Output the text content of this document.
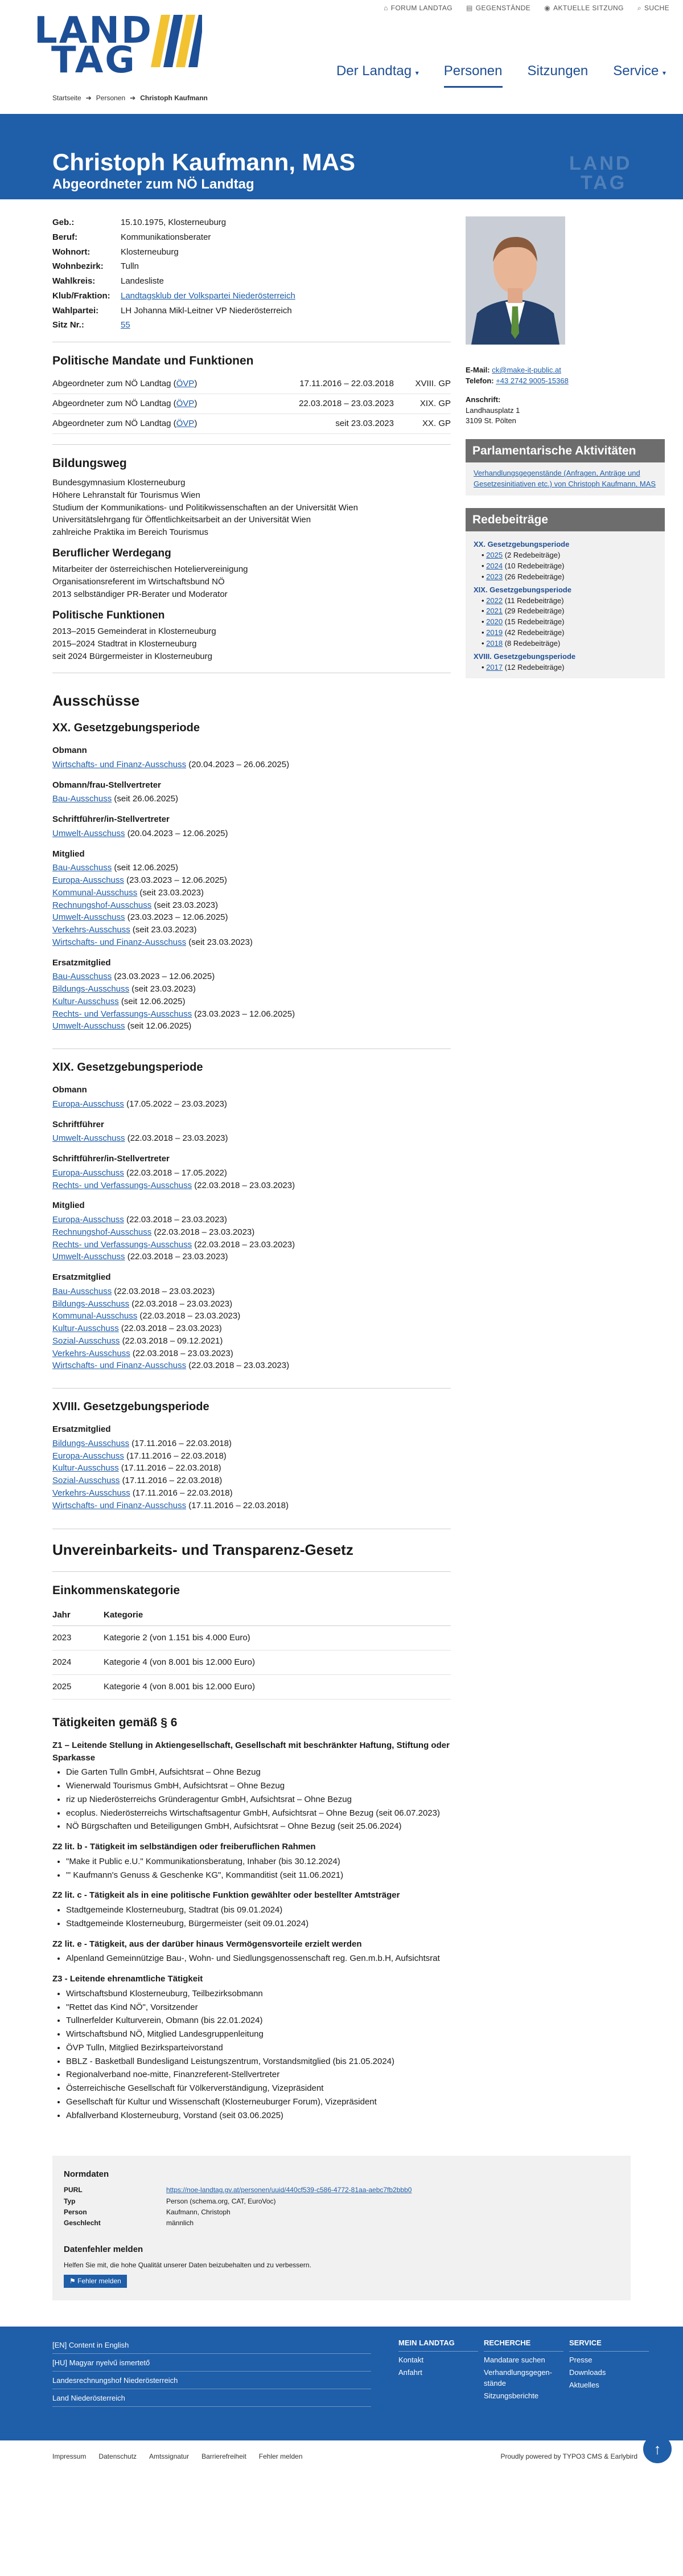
⌂ FORUM LANDTAG ▤ GEGENSTÄNDE ◉ AKTUELLE SITZUNG ⌕ SUCHE
LAND
TAG
Startseite ➔ Personen ➔ Christoph Kaufmann
Der Landtag ▾ Personen Sitzungen Service ▾
Christoph Kaufmann, MAS
Abgeordneter zum NÖ Landtag
LAND
TAG
Geb.:	15.10.1975, Klosterneuburg
Beruf:	Kommunikationsberater
Wohnort:	Klosterneuburg
Wohnbezirk:	Tulln
Wahlkreis:	Landesliste
Klub/Fraktion:	Landtagsklub der Volkspartei Niederösterreich
Wahlpartei:	LH Johanna Mikl-Leitner VP Niederösterreich
Sitz Nr.:	55
Politische Mandate und Funktionen
Abgeordneter zum NÖ Landtag (ÖVP)	17.11.2016 – 22.03.2018	XVIII. GP
Abgeordneter zum NÖ Landtag (ÖVP)	22.03.2018 – 23.03.2023	XIX. GP
Abgeordneter zum NÖ Landtag (ÖVP)	seit 23.03.2023	XX. GP
Bildungsweg
Bundesgymnasium Klosterneuburg
Höhere Lehranstalt für Tourismus Wien
Studium der Kommunikations- und Politikwissenschaften an der Universität Wien
Universitätslehrgang für Öffentlichkeitsarbeit an der Universität Wien
zahlreiche Praktika im Bereich Tourismus
Beruflicher Werdegang
Mitarbeiter der österreichischen Hoteliervereinigung
Organisationsreferent im Wirtschaftsbund NÖ
2013 selbständiger PR-Berater und Moderator
Politische Funktionen
2013–2015 Gemeinderat in Klosterneuburg
2015–2024 Stadtrat in Klosterneuburg
seit 2024 Bürgermeister in Klosterneuburg
Ausschüsse
XX. Gesetzgebungsperiode
Obmann
Wirtschafts- und Finanz-Ausschuss (20.04.2023 – 26.06.2025)
Obmann/frau-Stellvertreter
Bau-Ausschuss (seit 26.06.2025)
Schriftführer/in-Stellvertreter
Umwelt-Ausschuss (20.04.2023 – 12.06.2025)
Mitglied
Bau-Ausschuss (seit 12.06.2025)
Europa-Ausschuss (23.03.2023 – 12.06.2025)
Kommunal-Ausschuss (seit 23.03.2023)
Rechnungshof-Ausschuss (seit 23.03.2023)
Umwelt-Ausschuss (23.03.2023 – 12.06.2025)
Verkehrs-Ausschuss (seit 23.03.2023)
Wirtschafts- und Finanz-Ausschuss (seit 23.03.2023)
Ersatzmitglied
Bau-Ausschuss (23.03.2023 – 12.06.2025)
Bildungs-Ausschuss (seit 23.03.2023)
Kultur-Ausschuss (seit 12.06.2025)
Rechts- und Verfassungs-Ausschuss (23.03.2023 – 12.06.2025)
Umwelt-Ausschuss (seit 12.06.2025)
XIX. Gesetzgebungsperiode
Obmann
Europa-Ausschuss (17.05.2022 – 23.03.2023)
Schriftführer
Umwelt-Ausschuss (22.03.2018 – 23.03.2023)
Schriftführer/in-Stellvertreter
Europa-Ausschuss (22.03.2018 – 17.05.2022)
Rechts- und Verfassungs-Ausschuss (22.03.2018 – 23.03.2023)
Mitglied
Europa-Ausschuss (22.03.2018 – 23.03.2023)
Rechnungshof-Ausschuss (22.03.2018 – 23.03.2023)
Rechts- und Verfassungs-Ausschuss (22.03.2018 – 23.03.2023)
Umwelt-Ausschuss (22.03.2018 – 23.03.2023)
Ersatzmitglied
Bau-Ausschuss (22.03.2018 – 23.03.2023)
Bildungs-Ausschuss (22.03.2018 – 23.03.2023)
Kommunal-Ausschuss (22.03.2018 – 23.03.2023)
Kultur-Ausschuss (22.03.2018 – 23.03.2023)
Sozial-Ausschuss (22.03.2018 – 09.12.2021)
Verkehrs-Ausschuss (22.03.2018 – 23.03.2023)
Wirtschafts- und Finanz-Ausschuss (22.03.2018 – 23.03.2023)
XVIII. Gesetzgebungsperiode
Ersatzmitglied
Bildungs-Ausschuss (17.11.2016 – 22.03.2018)
Europa-Ausschuss (17.11.2016 – 22.03.2018)
Kultur-Ausschuss (17.11.2016 – 22.03.2018)
Sozial-Ausschuss (17.11.2016 – 22.03.2018)
Verkehrs-Ausschuss (17.11.2016 – 22.03.2018)
Wirtschafts- und Finanz-Ausschuss (17.11.2016 – 22.03.2018)
Unvereinbarkeits- und Transparenz-Gesetz
Einkommenskategorie
Jahr	Kategorie
2023	Kategorie 2 (von 1.151 bis 4.000 Euro)
2024	Kategorie 4 (von 8.001 bis 12.000 Euro)
2025	Kategorie 4 (von 8.001 bis 12.000 Euro)
Tätigkeiten gemäß § 6
Z1 – Leitende Stellung in Aktiengesellschaft, Gesellschaft mit beschränkter Haftung, Stiftung oder Sparkasse
• Die Garten Tulln GmbH, Aufsichtsrat – Ohne Bezug
• Wienerwald Tourismus GmbH, Aufsichtsrat – Ohne Bezug
• riz up Niederösterreichs Gründeragentur GmbH, Aufsichtsrat – Ohne Bezug
• ecoplus. Niederösterreichs Wirtschaftsagentur GmbH, Aufsichtsrat – Ohne Bezug (seit 06.07.2023)
• NÖ Bürgschaften und Beteiligungen GmbH, Aufsichtsrat – Ohne Bezug (seit 25.06.2024)
Z2 lit. b - Tätigkeit im selbständigen oder freiberuflichen Rahmen
• "Make it Public e.U." Kommunikationsberatung, Inhaber (bis 30.12.2024)
• "' Kaufmann's Genuss & Geschenke KG", Kommanditist (seit 11.06.2021)
Z2 lit. c - Tätigkeit als in eine politische Funktion gewählter oder bestellter Amtsträger
• Stadtgemeinde Klosterneuburg, Stadtrat (bis 09.01.2024)
• Stadtgemeinde Klosterneuburg, Bürgermeister (seit 09.01.2024)
Z2 lit. e - Tätigkeit, aus der darüber hinaus Vermögensvorteile erzielt werden
• Alpenland Gemeinnützige Bau-, Wohn- und Siedlungsgenossenschaft reg. Gen.m.b.H, Aufsichtsrat
Z3 - Leitende ehrenamtliche Tätigkeit
• Wirtschaftsbund Klosterneuburg, Teilbezirksobmann
• "Rettet das Kind NÖ", Vorsitzender
• Tullnerfelder Kulturverein, Obmann (bis 22.01.2024)
• Wirtschaftsbund NÖ, Mitglied Landesgruppenleitung
• ÖVP Tulln, Mitglied Bezirksparteivorstand
• BBLZ - Basketball Bundesligand Leistungszentrum, Vorstandsmitglied (bis 21.05.2024)
• Regionalverband noe-mitte, Finanzreferent-Stellvertreter
• Österreichische Gesellschaft für Völkerverständigung, Vizepräsident
• Gesellschaft für Kultur und Wissenschaft (Klosterneuburger Forum), Vizepräsident
• Abfallverband Klosterneuburg, Vorstand (seit 03.06.2025)
E-Mail: ck@make-it-public.at
Telefon: +43 2742 9005-15368
Anschrift:
Landhausplatz 1
3109 St. Pölten
Parlamentarische Aktivitäten
Verhandlungsgegenstände (Anfragen, Anträge und Gesetzesinitiativen etc.) von Christoph Kaufmann, MAS
Redebeiträge
XX. Gesetzgebungsperiode
• 2025 (2 Redebeiträge)
• 2024 (10 Redebeiträge)
• 2023 (26 Redebeiträge)
XIX. Gesetzgebungsperiode
• 2022 (11 Redebeiträge)
• 2021 (29 Redebeiträge)
• 2020 (15 Redebeiträge)
• 2019 (42 Redebeiträge)
• 2018 (8 Redebeiträge)
XVIII. Gesetzgebungsperiode
• 2017 (12 Redebeiträge)
Normdaten
PURL	https://noe-landtag.gv.at/personen/uuid/440cf539-c586-4772-81aa-aebc7fb2bbb0
Typ	Person (schema.org, CAT, EuroVoc)
Person	Kaufmann, Christoph
Geschlecht	männlich
Datenfehler melden
Helfen Sie mit, die hohe Qualität unserer Daten beizubehalten und zu verbessern.
⚑ Fehler melden
[EN] Content in English
[HU] Magyar nyelvű ismertető
Landesrechnungshof Niederösterreich
Land Niederösterreich
MEIN LANDTAG
Kontakt
Anfahrt
RECHERCHE
Mandatare suchen
Verhandlungsgegen-stände
Sitzungsberichte
SERVICE
Presse
Downloads
Aktuelles
Impressum Datenschutz Amtssignatur Barrierefreiheit Fehler melden	Proudly powered by TYPO3 CMS & Earlybird	↑
